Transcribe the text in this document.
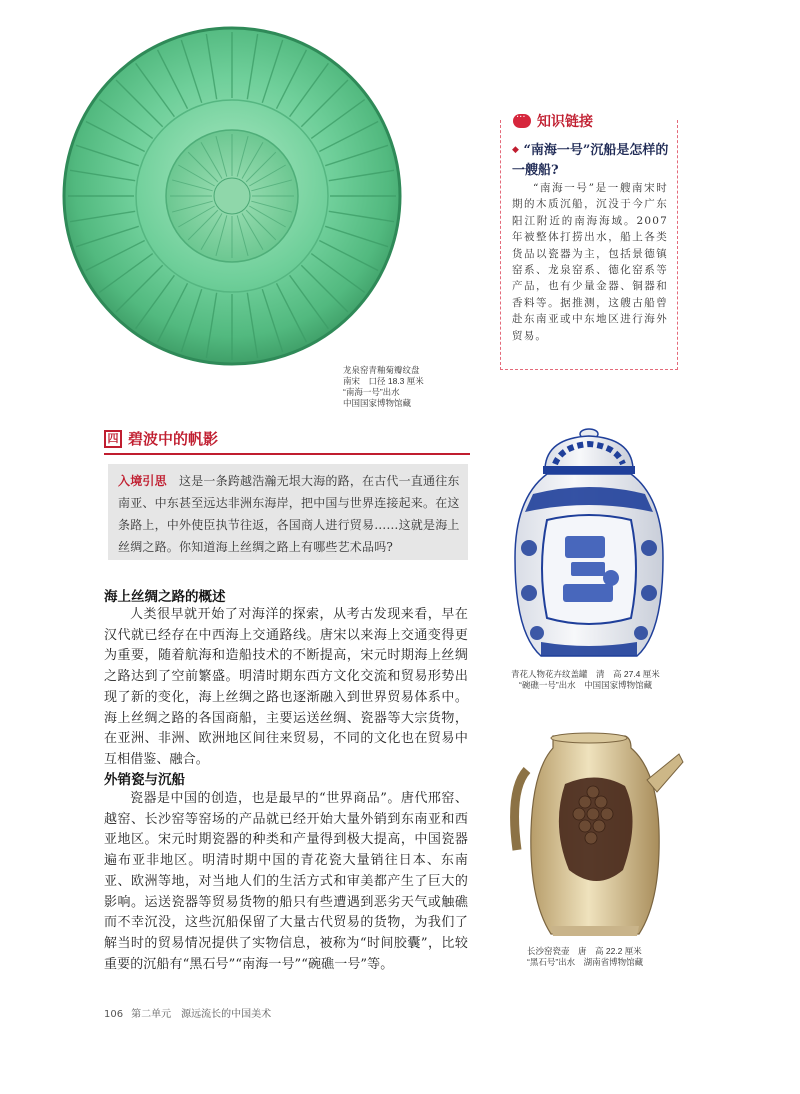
龙泉窑青釉菊瓣纹盘
南宋　口径 18.3 厘米
“南海一号”出水
中国国家博物馆藏
···知识链接
◆ “南海一号”沉船是怎样的一艘船?
“南海一号”是一艘南宋时期的木质沉船，沉没于今广东阳江附近的南海海域。2007 年被整体打捞出水，船上各类货品以瓷器为主，包括景德镇窑系、龙泉窑系、德化窑系等产品，也有少量金器、铜器和香料等。据推测，这艘古船曾赴东南亚或中东地区进行海外贸易。
四 碧波中的帆影
入境引思　这是一条跨越浩瀚无垠大海的路，在古代一直通往东南亚、中东甚至远达非洲东海岸，把中国与世界连接起来。在这条路上，中外使臣执节往返，各国商人进行贸易……这就是海上丝绸之路。你知道海上丝绸之路上有哪些艺术品吗?
海上丝绸之路的概述
人类很早就开始了对海洋的探索，从考古发现来看，早在汉代就已经存在中西海上交通路线。唐宋以来海上交通变得更为重要，随着航海和造船技术的不断提高，宋元时期海上丝绸之路达到了空前繁盛。明清时期东西方文化交流和贸易形势出现了新的变化，海上丝绸之路也逐渐融入到世界贸易体系中。海上丝绸之路的各国商船，主要运送丝绸、瓷器等大宗货物，在亚洲、非洲、欧洲地区间往来贸易，不同的文化也在贸易中互相借鉴、融合。
外销瓷与沉船
瓷器是中国的创造，也是最早的“世界商品”。唐代邢窑、越窑、长沙窑等窑场的产品就已经开始大量外销到东南亚和西亚地区。宋元时期瓷器的种类和产量得到极大提高，中国瓷器遍布亚非地区。明清时期中国的青花瓷大量销往日本、东南亚、欧洲等地，对当地人们的生活方式和审美都产生了巨大的影响。运送瓷器等贸易货物的船只有些遭遇到恶劣天气或触礁而不幸沉没，这些沉船保留了大量古代贸易的货物，为我们了解当时的贸易情况提供了实物信息，被称为“时间胶囊”，比较重要的沉船有“黑石号”“南海一号”“碗礁一号”等。
青花人物花卉纹盖罐　清　高 27.4 厘米
“碗礁一号”出水　中国国家博物馆藏
长沙窑瓷壶　唐　高 22.2 厘米
“黑石号”出水　湖南省博物馆藏
106 第二单元　源远流长的中国美术
